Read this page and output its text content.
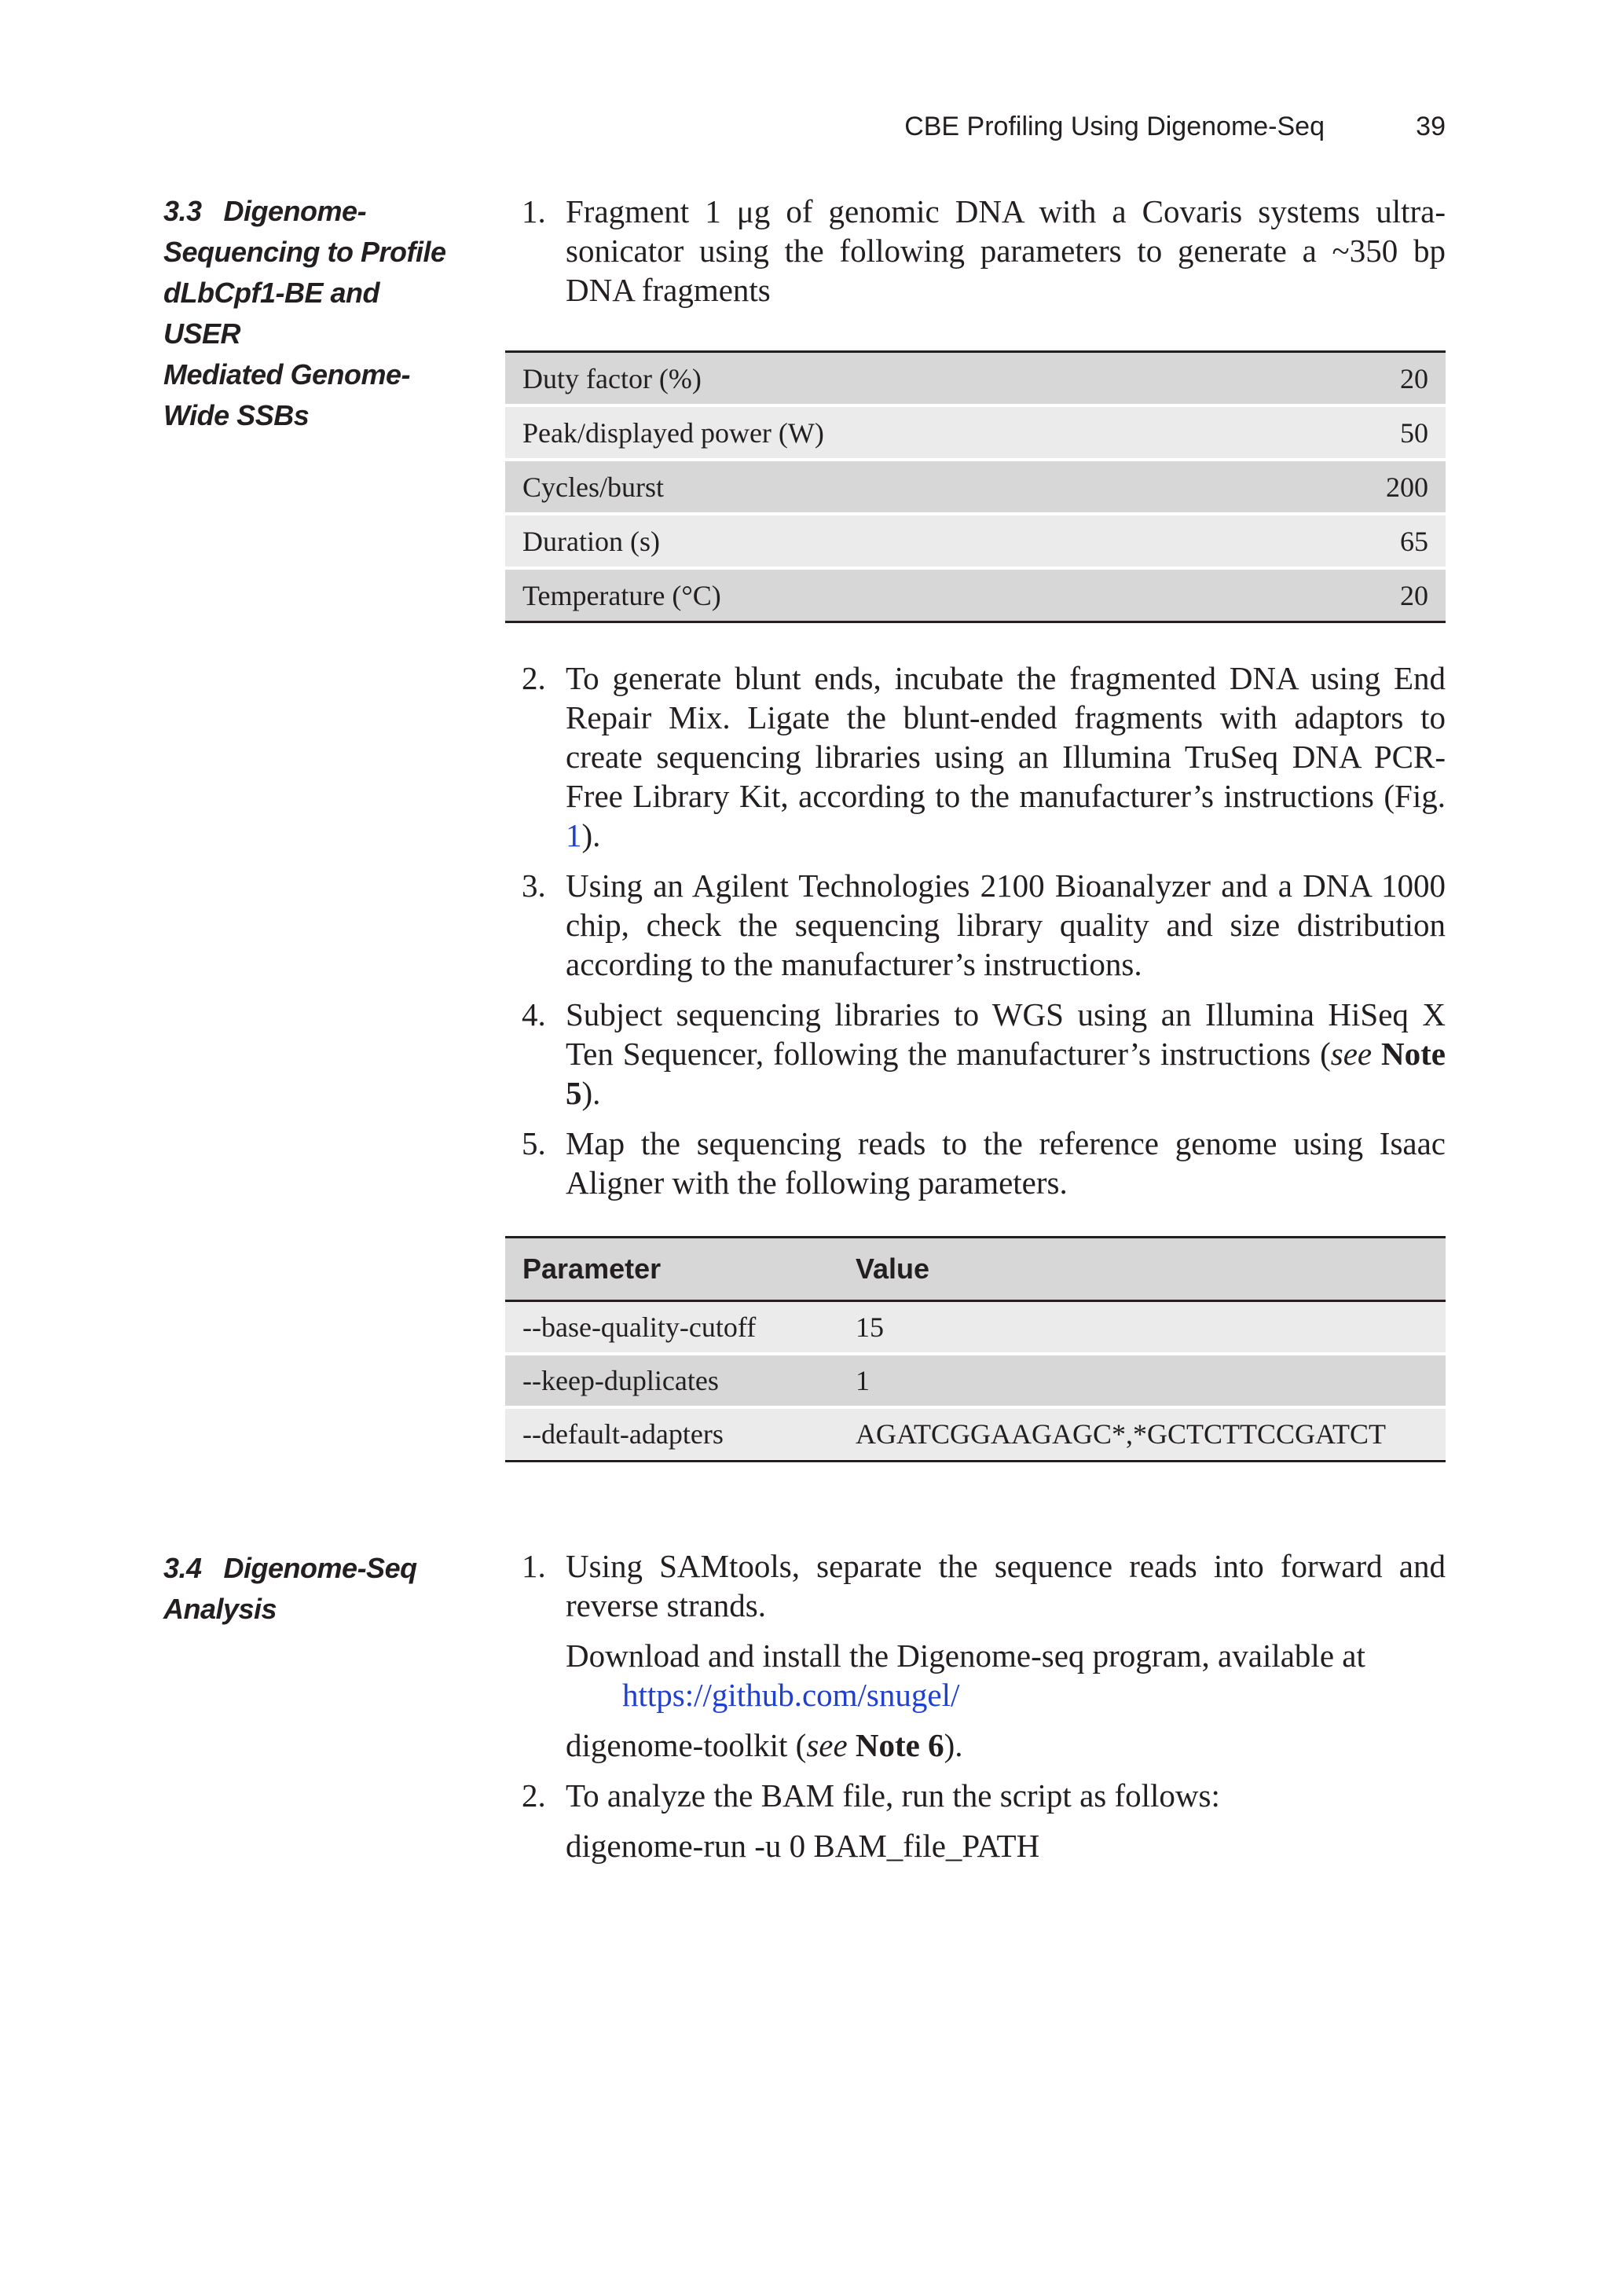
CBE Profiling Using Digenome-Seq	39
3.3 Digenome-
Sequencing to Profile
dLbCpf1-BE and USER
Mediated Genome-
Wide SSBs
1. Fragment 1 μg of genomic DNA with a Covaris systems ultra-sonicator using the following parameters to generate a ~350 bp DNA fragments

Duty factor (%)	20
Peak/displayed power (W)	50
Cycles/burst	200
Duration (s)	65
Temperature (°C)	20
2. To generate blunt ends, incubate the fragmented DNA using End Repair Mix. Ligate the blunt-ended fragments with adaptors to create sequencing libraries using an Illumina TruSeq DNA PCR-Free Library Kit, according to the manufacturer’s instructions (Fig. 1).

3. Using an Agilent Technologies 2100 Bioanalyzer and a DNA 1000 chip, check the sequencing library quality and size distribution according to the manufacturer’s instructions.

4. Subject sequencing libraries to WGS using an Illumina HiSeq X Ten Sequencer, following the manufacturer’s instructions (see Note 5).

5. Map the sequencing reads to the reference genome using Isaac Aligner with the following parameters.

Parameter	Value
--base-quality-cutoff	15
--keep-duplicates	1
--default-adapters	AGATCGGAAGAGC*,*GCTCTTCCGATCT
3.4 Digenome-Seq
Analysis
1. Using SAMtools, separate the sequence reads into forward and reverse strands.

Download and install the Digenome-seq program, available at

https://github.com/snugel/

digenome-toolkit (see Note 6).

2. To analyze the BAM file, run the script as follows:

digenome-run -u 0 BAM_file_PATH
